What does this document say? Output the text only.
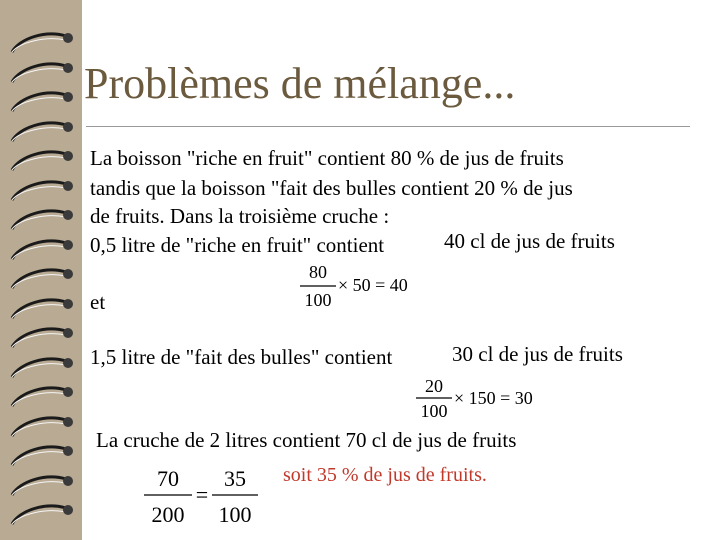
Problèmes de mélange...
La boisson "riche en fruit" contient 80 % de jus de fruits
tandis que la boisson "fait des bulles contient 20 % de jus
de fruits. Dans la troisième cruche :
0,5 litre de "riche en fruit" contient	40 cl de jus de fruits
80
100
× 50 = 40
et
1,5 litre de "fait des bulles" contient	30 cl de jus de fruits
20
100
× 150 = 30
La cruche de 2 litres contient 70 cl de jus de fruits
70
200
=
35
100
soit 35 % de jus de fruits.
